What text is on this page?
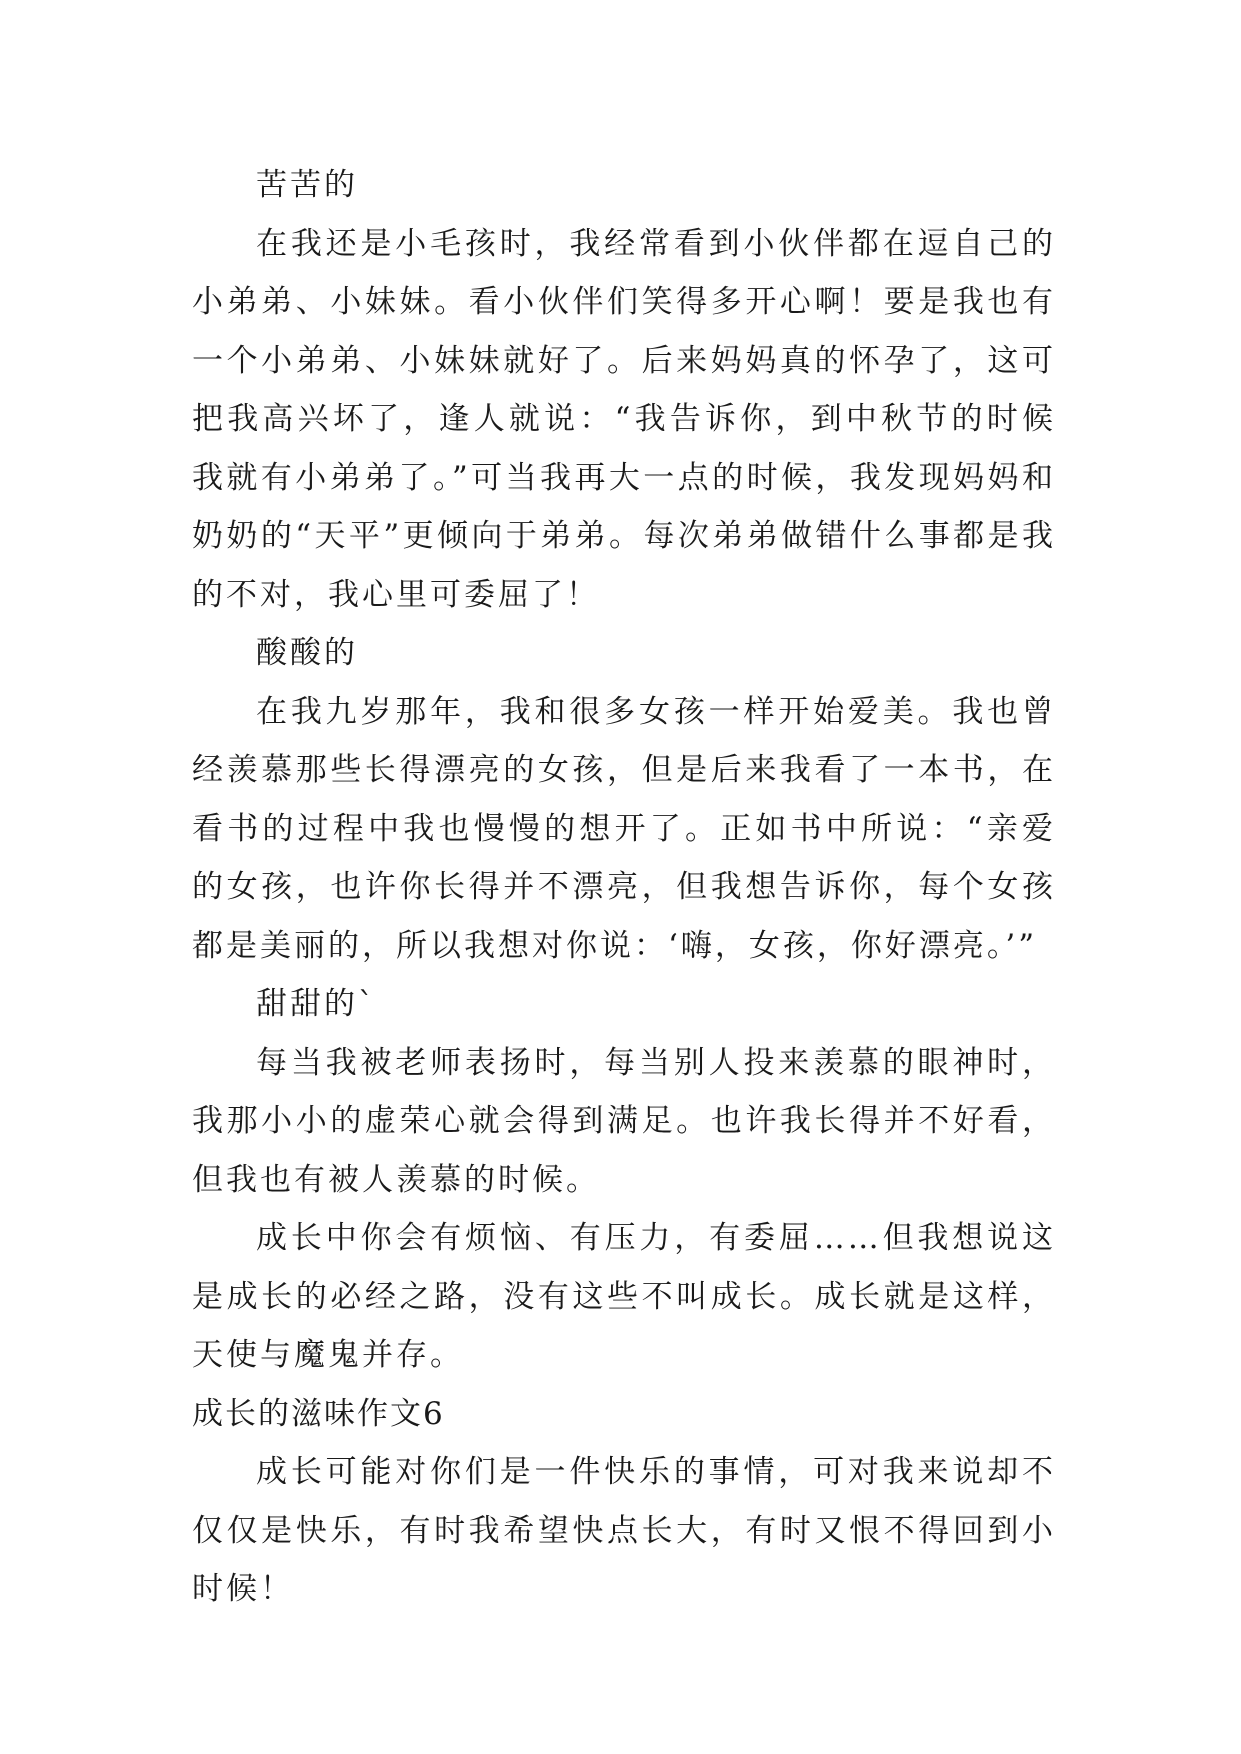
苦苦的

在我还是小毛孩时，我经常看到小伙伴都在逗自己的小弟弟、小妹妹。看小伙伴们笑得多开心啊！要是我也有一个小弟弟、小妹妹就好了。后来妈妈真的怀孕了，这可把我高兴坏了，逢人就说：“我告诉你，到中秋节的时候我就有小弟弟了。”可当我再大一点的时候，我发现妈妈和奶奶的“天平”更倾向于弟弟。每次弟弟做错什么事都是我的不对，我心里可委屈了！

酸酸的

在我九岁那年，我和很多女孩一样开始爱美。我也曾经羡慕那些长得漂亮的女孩，但是后来我看了一本书，在看书的过程中我也慢慢的想开了。正如书中所说：“亲爱的女孩，也许你长得并不漂亮，但我想告诉你，每个女孩都是美丽的，所以我想对你说：‘嗨，女孩，你好漂亮。’”

甜甜的`

每当我被老师表扬时，每当别人投来羡慕的眼神时，我那小小的虚荣心就会得到满足。也许我长得并不好看，但我也有被人羡慕的时候。

成长中你会有烦恼、有压力，有委屈……但我想说这是成长的必经之路，没有这些不叫成长。成长就是这样，天使与魔鬼并存。

成长的滋味作文6

成长可能对你们是一件快乐的事情，可对我来说却不仅仅是快乐，有时我希望快点长大，有时又恨不得回到小时候！
